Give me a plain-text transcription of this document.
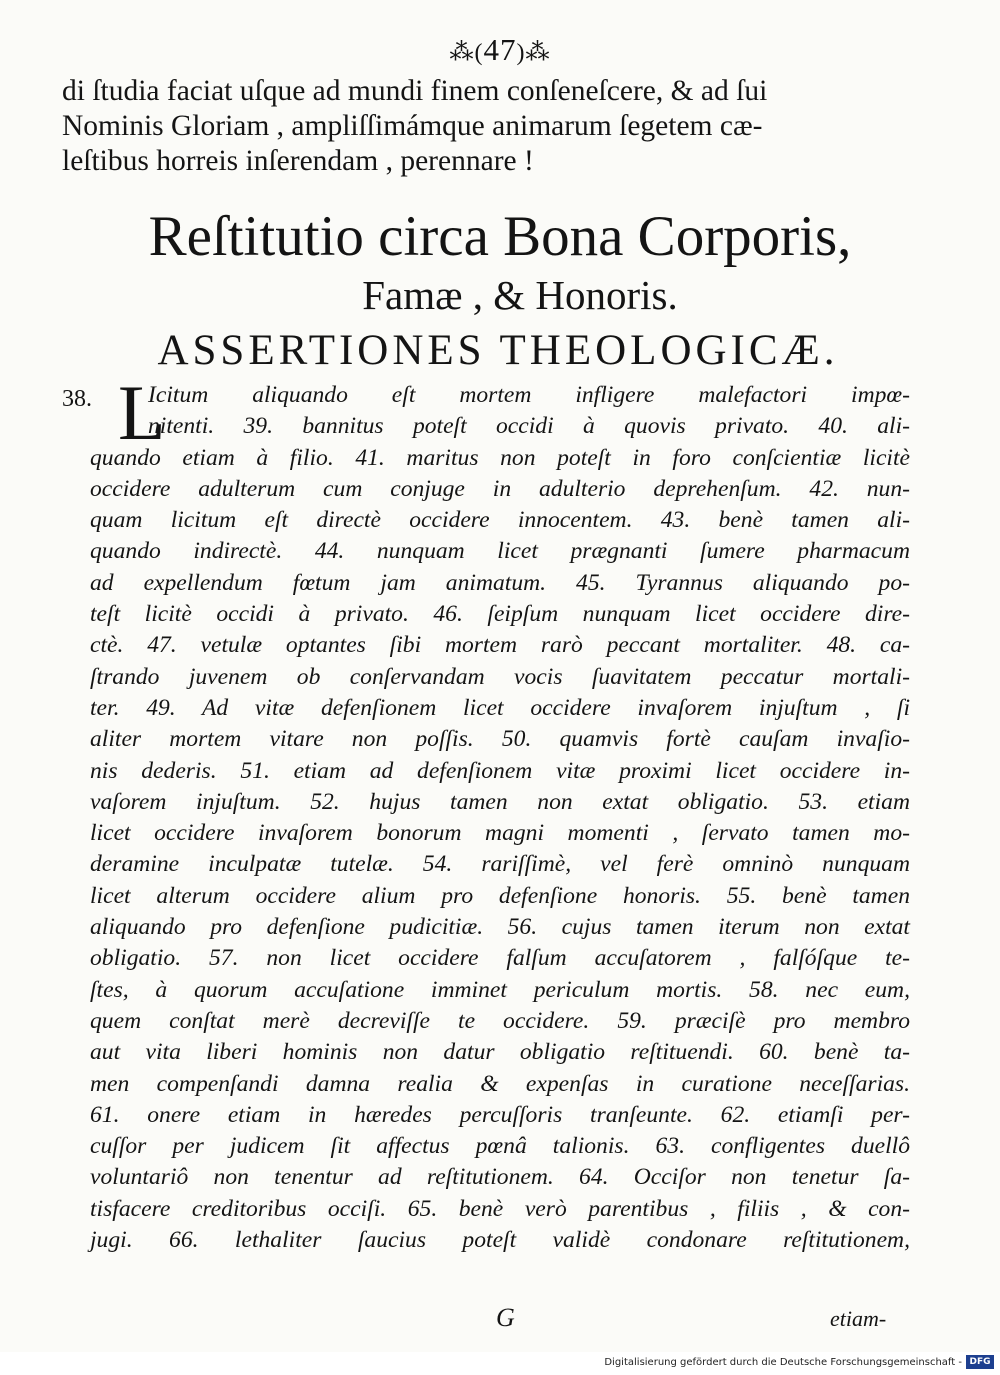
⁂(47)⁂
di ſtudia faciat uſque ad mundi finem conſeneſcere, & ad ſui
Nominis Gloriam , ampliſſimámque animarum ſegetem cæ-
leſtibus horreis inſerendam , perennare !
Reſtitutio circa Bona Corporis,
Famæ , & Honoris.
ASSERTIONES THEOLOGICÆ.
38. L
Icitum aliquando eſt mortem infligere malefactori impœ-
nitenti. 39. bannitus poteſt occidi à quovis privato. 40. ali-
quando etiam à filio. 41. maritus non poteſt in foro conſcientiæ licitè
occidere adulterum cum conjuge in adulterio deprehenſum. 42. nun-
quam licitum eſt directè occidere innocentem. 43. benè tamen ali-
quando indirectè. 44. nunquam licet prægnanti ſumere pharmacum
ad expellendum fœtum jam animatum. 45. Tyrannus aliquando po-
teſt licitè occidi à privato. 46. ſeipſum nunquam licet occidere dire-
ctè. 47. vetulæ optantes ſibi mortem rarò peccant mortaliter. 48. ca-
ſtrando juvenem ob conſervandam vocis ſuavitatem peccatur mortali-
ter. 49. Ad vitæ defenſionem licet occidere invaſorem injuſtum , ſi
aliter mortem vitare non poſſis. 50. quamvis fortè cauſam invaſio-
nis dederis. 51. etiam ad defenſionem vitæ proximi licet occidere in-
vaſorem injuſtum. 52. hujus tamen non extat obligatio. 53. etiam
licet occidere invaſorem bonorum magni momenti , ſervato tamen mo-
deramine inculpatæ tutelæ. 54. rariſſimè, vel ferè omninò nunquam
licet alterum occidere alium pro defenſione honoris. 55. benè tamen
aliquando pro defenſione pudicitiæ. 56. cujus tamen iterum non extat
obligatio. 57. non licet occidere falſum accuſatorem , falſóſque te-
ſtes, à quorum accuſatione imminet periculum mortis. 58. nec eum,
quem conſtat merè decreviſſe te occidere. 59. præciſè pro membro
aut vita liberi hominis non datur obligatio reſtituendi. 60. benè ta-
men compenſandi damna realia & expenſas in curatione neceſſarias.
61. onere etiam in hæredes percuſſoris tranſeunte. 62. etiamſi per-
cuſſor per judicem ſit affectus pœnâ talionis. 63. confligentes duellô
voluntariô non tenentur ad reſtitutionem. 64. Occiſor non tenetur ſa-
tisfacere creditoribus occiſi. 65. benè verò parentibus , filiis , & con-
jugi. 66. lethaliter ſaucius poteſt validè condonare reſtitutionem,
G	etiam-
Digitalisierung gefördert durch die Deutsche Forschungsgemeinschaft - DFG
